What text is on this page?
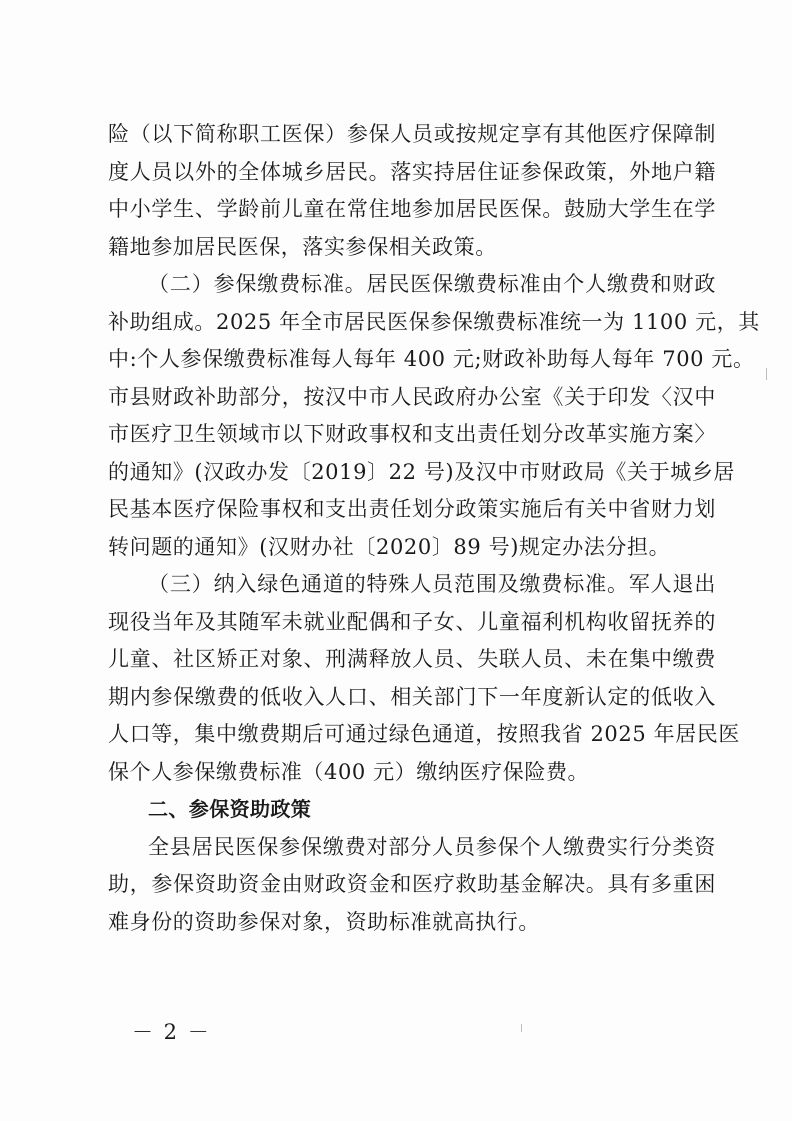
险（以下简称职工医保）参保人员或按规定享有其他医疗保障制
度人员以外的全体城乡居民。落实持居住证参保政策，外地户籍
中小学生、学龄前儿童在常住地参加居民医保。鼓励大学生在学
籍地参加居民医保，落实参保相关政策。
（二）参保缴费标准。居民医保缴费标准由个人缴费和财政
补助组成。2025 年全市居民医保参保缴费标准统一为 1100 元，其
中:个人参保缴费标准每人每年 400 元;财政补助每人每年 700 元。
市县财政补助部分，按汉中市人民政府办公室《关于印发〈汉中
市医疗卫生领域市以下财政事权和支出责任划分改革实施方案〉
的通知》(汉政办发〔2019〕22 号)及汉中市财政局《关于城乡居
民基本医疗保险事权和支出责任划分政策实施后有关中省财力划
转问题的通知》(汉财办社〔2020〕89 号)规定办法分担。
（三）纳入绿色通道的特殊人员范围及缴费标准。军人退出
现役当年及其随军未就业配偶和子女、儿童福利机构收留抚养的
儿童、社区矫正对象、刑满释放人员、失联人员、未在集中缴费
期内参保缴费的低收入人口、相关部门下一年度新认定的低收入
人口等，集中缴费期后可通过绿色通道，按照我省 2025 年居民医
保个人参保缴费标准（400 元）缴纳医疗保险费。
二、参保资助政策
全县居民医保参保缴费对部分人员参保个人缴费实行分类资
助，参保资助资金由财政资金和医疗救助基金解决。具有多重困
难身份的资助参保对象，资助标准就高执行。
－ 2 －
